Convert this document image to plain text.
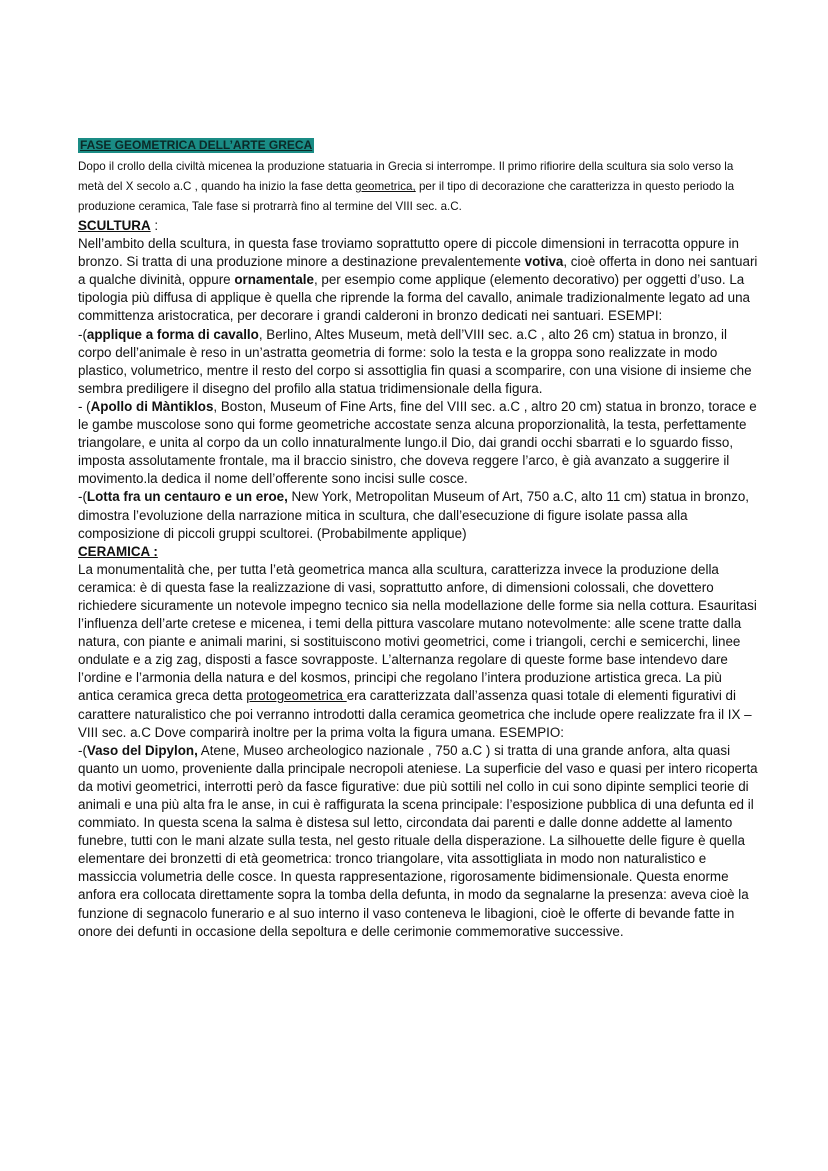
FASE GEOMETRICA DELL’ARTE GRECA

Dopo il crollo della civiltà micenea la produzione statuaria in Grecia si interrompe. Il primo rifiorire della scultura sia solo verso la metà del X secolo a.C , quando ha inizio la fase detta geometrica, per il tipo di decorazione che caratterizza in questo periodo la produzione ceramica, Tale fase si protrarrà fino al termine del VIII sec. a.C.

SCULTURA :

Nell’ambito della scultura, in questa fase troviamo soprattutto opere di piccole dimensioni in terracotta oppure in bronzo. Si tratta di una produzione minore a destinazione prevalentemente votiva, cioè offerta in dono nei santuari a qualche divinità, oppure ornamentale, per esempio come applique (elemento decorativo) per oggetti d’uso. La tipologia più diffusa di applique è quella che riprende la forma del cavallo, animale tradizionalmente legato ad una committenza aristocratica, per decorare i grandi calderoni in bronzo dedicati nei santuari. ESEMPI:

-(applique a forma di cavallo, Berlino, Altes Museum, metà dell’VIII sec. a.C , alto 26 cm) statua in bronzo, il corpo dell’animale è reso in un’astratta geometria di forme: solo la testa e la groppa sono realizzate in modo plastico, volumetrico, mentre il resto del corpo si assottiglia fin quasi a scomparire, con una visione di insieme che sembra prediligere il disegno del profilo alla statua tridimensionale della figura.

- (Apollo di Màntiklos, Boston, Museum of Fine Arts, fine del VIII sec. a.C , altro 20 cm) statua in bronzo, torace e le gambe muscolose sono qui forme geometriche accostate senza alcuna proporzionalità, la testa, perfettamente triangolare, e unita al corpo da un collo innaturalmente lungo.il Dio, dai grandi occhi sbarrati e lo sguardo fisso, imposta assolutamente frontale, ma il braccio sinistro, che doveva reggere l’arco, è già avanzato a suggerire il movimento.la dedica il nome dell’offerente sono incisi sulle cosce.

-(Lotta fra un centauro e un eroe, New York, Metropolitan Museum of Art, 750 a.C, alto 11 cm) statua in bronzo, dimostra l’evoluzione della narrazione mitica in scultura, che dall’esecuzione di figure isolate passa alla composizione di piccoli gruppi scultorei. (Probabilmente applique)

CERAMICA :

La monumentalità che, per tutta l’età geometrica manca alla scultura, caratterizza invece la produzione della ceramica: è di questa fase la realizzazione di vasi, soprattutto anfore, di dimensioni colossali, che dovettero richiedere sicuramente un notevole impegno tecnico sia nella modellazione delle forme sia nella cottura. Esauritasi l’influenza dell’arte cretese e micenea, i temi della pittura vascolare mutano notevolmente: alle scene tratte dalla natura, con piante e animali marini, si sostituiscono motivi geometrici, come i triangoli, cerchi e semicerchi, linee ondulate e a zig zag, disposti a fasce sovrapposte. L’alternanza regolare di queste forme base intendevo dare l’ordine e l’armonia della natura e del kosmos, principi che regolano l’intera produzione artistica greca. La più antica ceramica greca detta protogeometrica era caratterizzata dall’assenza quasi totale di elementi figurativi di carattere naturalistico che poi verranno introdotti dalla ceramica geometrica che include opere realizzate fra il IX – VIII sec. a.C Dove comparirà inoltre per la prima volta la figura umana. ESEMPIO:

-(Vaso del Dipylon, Atene, Museo archeologico nazionale , 750 a.C ) si tratta di una grande anfora, alta quasi quanto un uomo, proveniente dalla principale necropoli ateniese. La superficie del vaso e quasi per intero ricoperta da motivi geometrici, interrotti però da fasce figurative: due più sottili nel collo in cui sono dipinte semplici teorie di animali e una più alta fra le anse, in cui è raffigurata la scena principale: l’esposizione pubblica di una defunta ed il commiato. In questa scena la salma è distesa sul letto, circondata dai parenti e dalle donne addette al lamento funebre, tutti con le mani alzate sulla testa, nel gesto rituale della disperazione. La silhouette delle figure è quella elementare dei bronzetti di età geometrica: tronco triangolare, vita assottigliata in modo non naturalistico e massiccia volumetria delle cosce. In questa rappresentazione, rigorosamente bidimensionale. Questa enorme anfora era collocata direttamente sopra la tomba della defunta, in modo da segnalarne la presenza: aveva cioè la funzione di segnacolo funerario e al suo interno il vaso conteneva le libagioni, cioè le offerte di bevande fatte in onore dei defunti in occasione della sepoltura e delle cerimonie commemorative successive.
